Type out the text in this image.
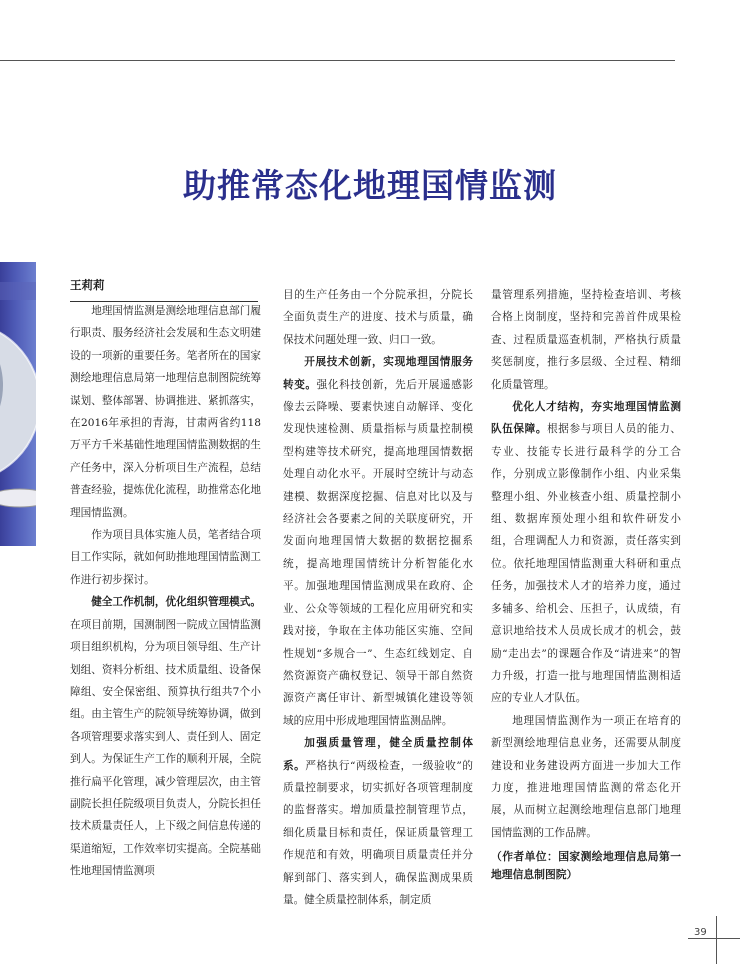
助推常态化地理国情监测
王莉莉

地理国情监测是测绘地理信息部门履行职责、服务经济社会发展和生态文明建设的一项新的重要任务。笔者所在的国家测绘地理信息局第一地理信息制图院统筹谋划、整体部署、协调推进、紧抓落实，在2016年承担的青海，甘肃两省约118万平方千米基础性地理国情监测数据的生产任务中，深入分析项目生产流程，总结普查经验，提炼优化流程，助推常态化地理国情监测。

作为项目具体实施人员，笔者结合项目工作实际，就如何助推地理国情监测工作进行初步探讨。

健全工作机制，优化组织管理模式。在项目前期，国测制图一院成立国情监测项目组织机构，分为项目领导组、生产计划组、资料分析组、技术质量组、设备保障组、安全保密组、预算执行组共7个小组。由主管生产的院领导统筹协调，做到各项管理要求落实到人、责任到人、固定到人。为保证生产工作的顺利开展，全院推行扁平化管理，减少管理层次，由主管副院长担任院级项目负责人，分院长担任技术质量责任人，上下级之间信息传递的渠道缩短，工作效率切实提高。全院基础性地理国情监测项

目的生产任务由一个分院承担，分院长全面负责生产的进度、技术与质量，确保技术问题处理一致、归口一致。

开展技术创新，实现地理国情服务转变。强化科技创新，先后开展遥感影像去云降噪、要素快速自动解译、变化发现快速检测、质量指标与质量控制模型构建等技术研究，提高地理国情数据处理自动化水平。开展时空统计与动态建模、数据深度挖掘、信息对比以及与经济社会各要素之间的关联度研究，开发面向地理国情大数据的数据挖掘系统，提高地理国情统计分析智能化水平。加强地理国情监测成果在政府、企业、公众等领域的工程化应用研究和实践对接，争取在主体功能区实施、空间性规划“多规合一”、生态红线划定、自然资源资产确权登记、领导干部自然资源资产离任审计、新型城镇化建设等领域的应用中形成地理国情监测品牌。

加强质量管理，健全质量控制体系。严格执行“两级检查，一级验收”的质量控制要求，切实抓好各项管理制度的监督落实。增加质量控制管理节点，细化质量目标和责任，保证质量管理工作规范和有效，明确项目质量责任并分解到部门、落实到人，确保监测成果质量。健全质量控制体系，制定质

量管理系列措施，坚持检查培训、考核合格上岗制度，坚持和完善首件成果检查、过程质量巡查机制，严格执行质量奖惩制度，推行多层级、全过程、精细化质量管理。

优化人才结构，夯实地理国情监测队伍保障。根据参与项目人员的能力、专业、技能专长进行最科学的分工合作，分别成立影像制作小组、内业采集整理小组、外业核查小组、质量控制小组、数据库预处理小组和软件研发小组，合理调配人力和资源，责任落实到位。依托地理国情监测重大科研和重点任务，加强技术人才的培养力度，通过多辅多、给机会、压担子，认成绩，有意识地给技术人员成长成才的机会，鼓励“走出去”的课题合作及“请进来”的智力升级，打造一批与地理国情监测相适应的专业人才队伍。

地理国情监测作为一项正在培育的新型测绘地理信息业务，还需要从制度建设和业务建设两方面进一步加大工作力度，推进地理国情监测的常态化开展，从而树立起测绘地理信息部门地理国情监测的工作品牌。

（作者单位：国家测绘地理信息局第一地理信息制图院）

39
